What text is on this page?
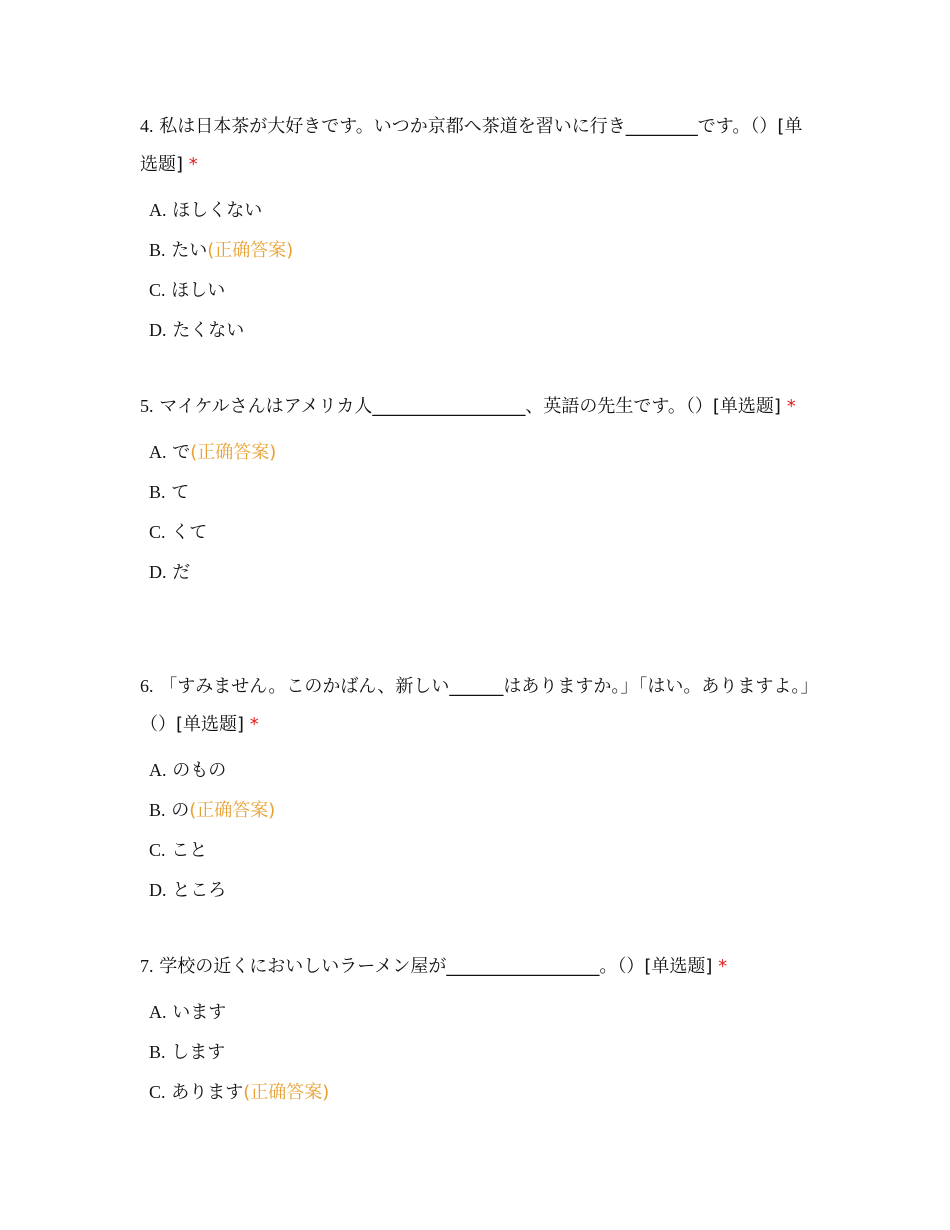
4. 私は日本茶が大好きです。いつか京都へ茶道を習いに行き________です。（）[单选题] *

A. ほしくない
B. たい(正确答案)
C. ほしい
D. たくない

5. マイケルさんはアメリカ人_________________、英語の先生です。（）[单选题] *

A. で(正确答案)
B. て
C. くて
D. だ

6. 「すみません。このかばん、新しい______はありますか。」「はい。ありますよ。」（）[单选题] *

A. のもの
B. の(正确答案)
C. こと
D. ところ

7. 学校の近くにおいしいラーメン屋が_________________。（）[单选题] *

A. います
B. します
C. あります(正确答案)
